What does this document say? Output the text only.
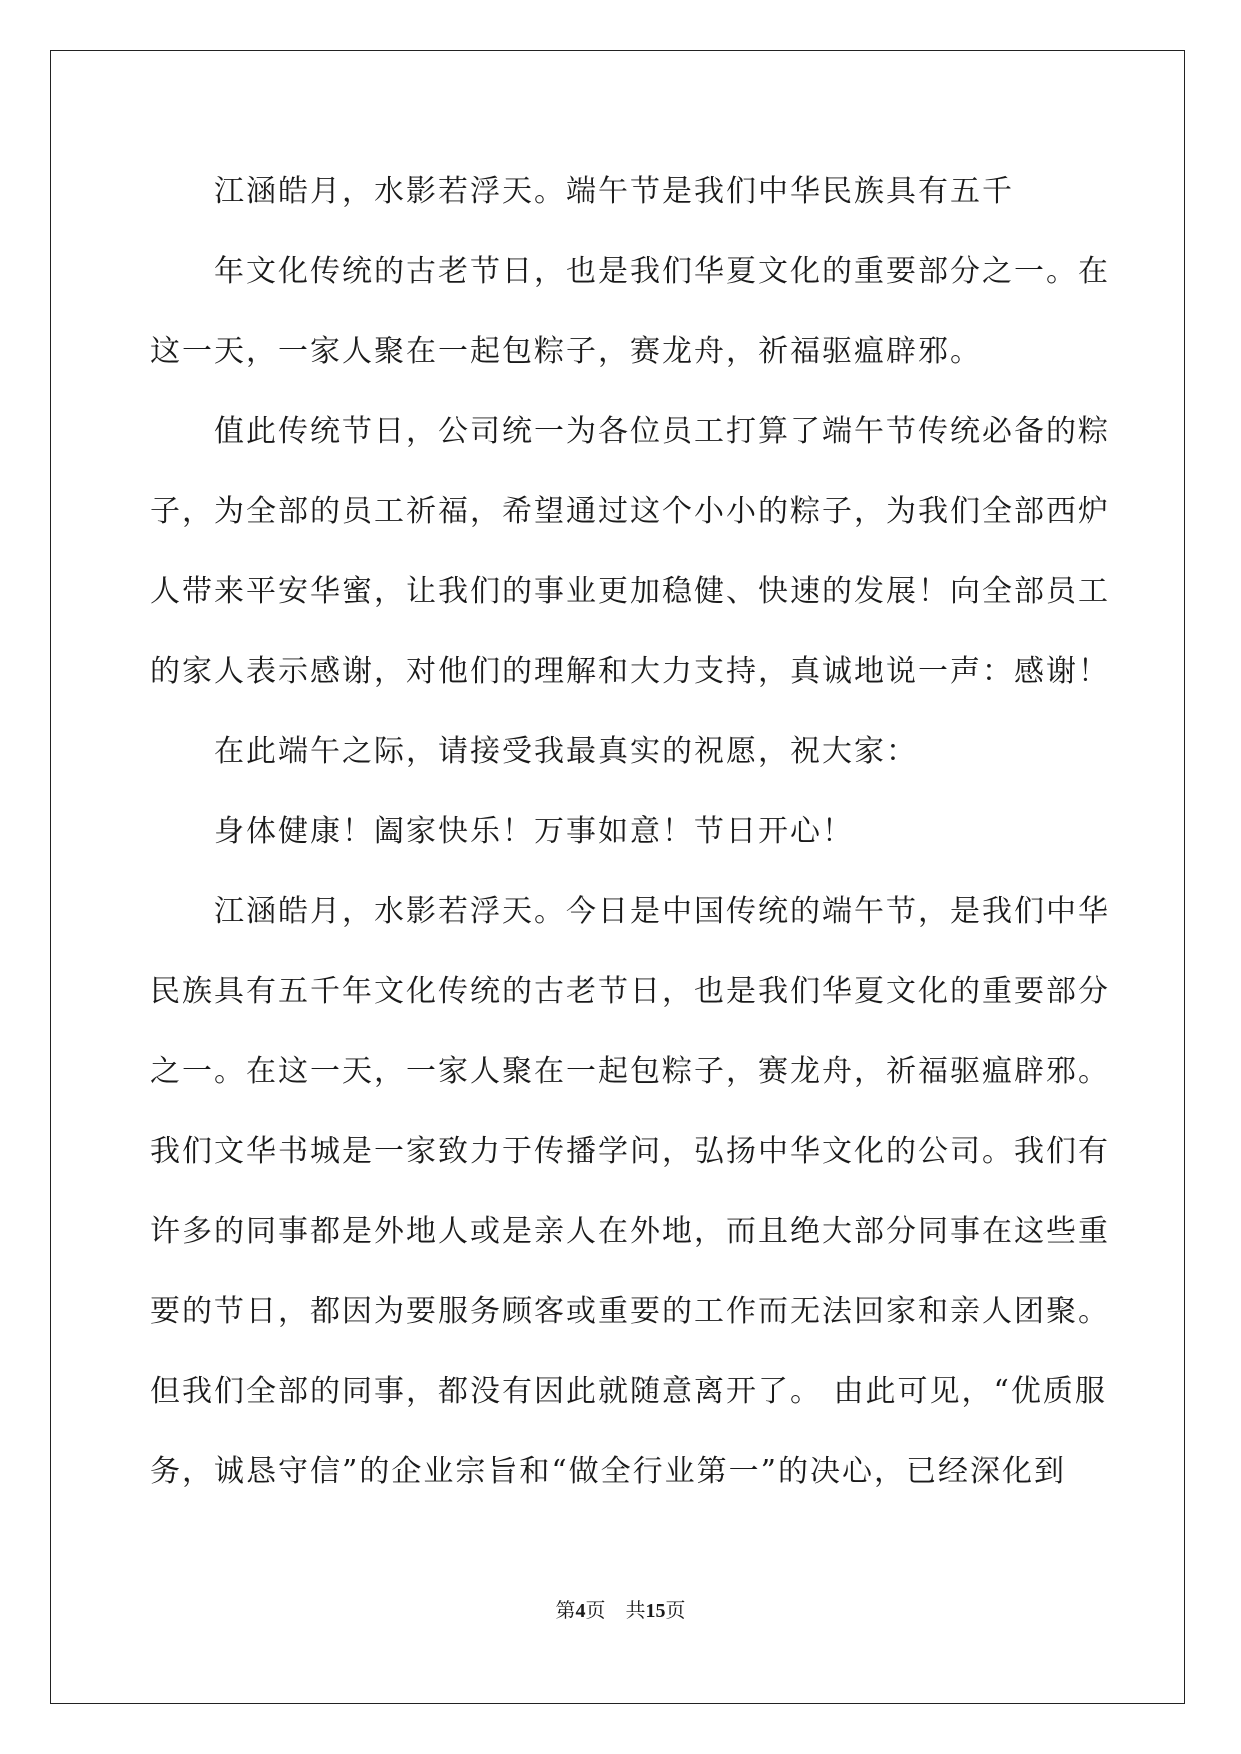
江涵皓月，水影若浮天。端午节是我们中华民族具有五千
年文化传统的古老节日，也是我们华夏文化的重要部分之一。在
这一天，一家人聚在一起包粽子，赛龙舟，祈福驱瘟辟邪。
值此传统节日，公司统一为各位员工打算了端午节传统必备的粽
子，为全部的员工祈福，希望通过这个小小的粽子，为我们全部西炉
人带来平安华蜜，让我们的事业更加稳健、快速的发展！向全部员工
的家人表示感谢，对他们的理解和大力支持，真诚地说一声：感谢！
在此端午之际，请接受我最真实的祝愿，祝大家：
身体健康！阖家快乐！万事如意！节日开心！
江涵皓月，水影若浮天。今日是中国传统的端午节，是我们中华
民族具有五千年文化传统的古老节日，也是我们华夏文化的重要部分
之一。在这一天，一家人聚在一起包粽子，赛龙舟，祈福驱瘟辟邪。
我们文华书城是一家致力于传播学问，弘扬中华文化的公司。我们有
许多的同事都是外地人或是亲人在外地，而且绝大部分同事在这些重
要的节日，都因为要服务顾客或重要的工作而无法回家和亲人团聚。
但我们全部的同事，都没有因此就随意离开了。 由此可见，“优质服
务，诚恳守信”的企业宗旨和“做全行业第一”的决心，已经深化到
第4页　共15页
